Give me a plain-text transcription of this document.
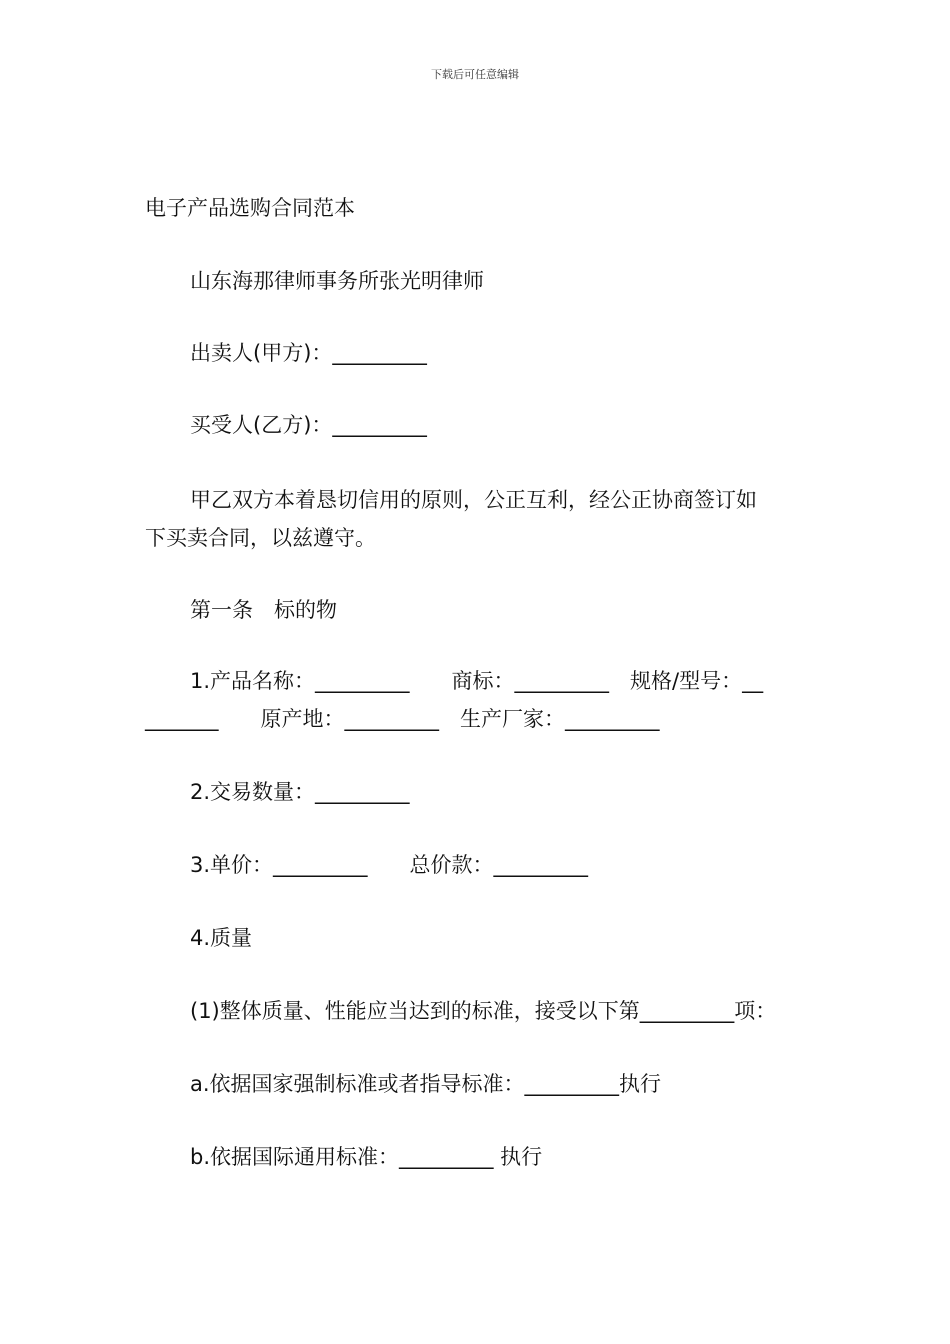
下载后可任意编辑
电子产品选购合同范本
山东海那律师事务所张光明律师
出卖人(甲方)：_________
买受人(乙方)：_________
甲乙双方本着恳切信用的原则，公正互利，经公正协商签订如
下买卖合同，以兹遵守。
第一条　标的物
1.产品名称：_________　　商标：_________　规格/型号：__
_______　　原产地：_________　生产厂家：_________
2.交易数量：_________
3.单价：_________　　总价款：_________
4.质量
(1)整体质量、性能应当达到的标准，接受以下第_________项：
a.依据国家强制标准或者指导标准：_________执行
b.依据国际通用标准：_________ 执行
